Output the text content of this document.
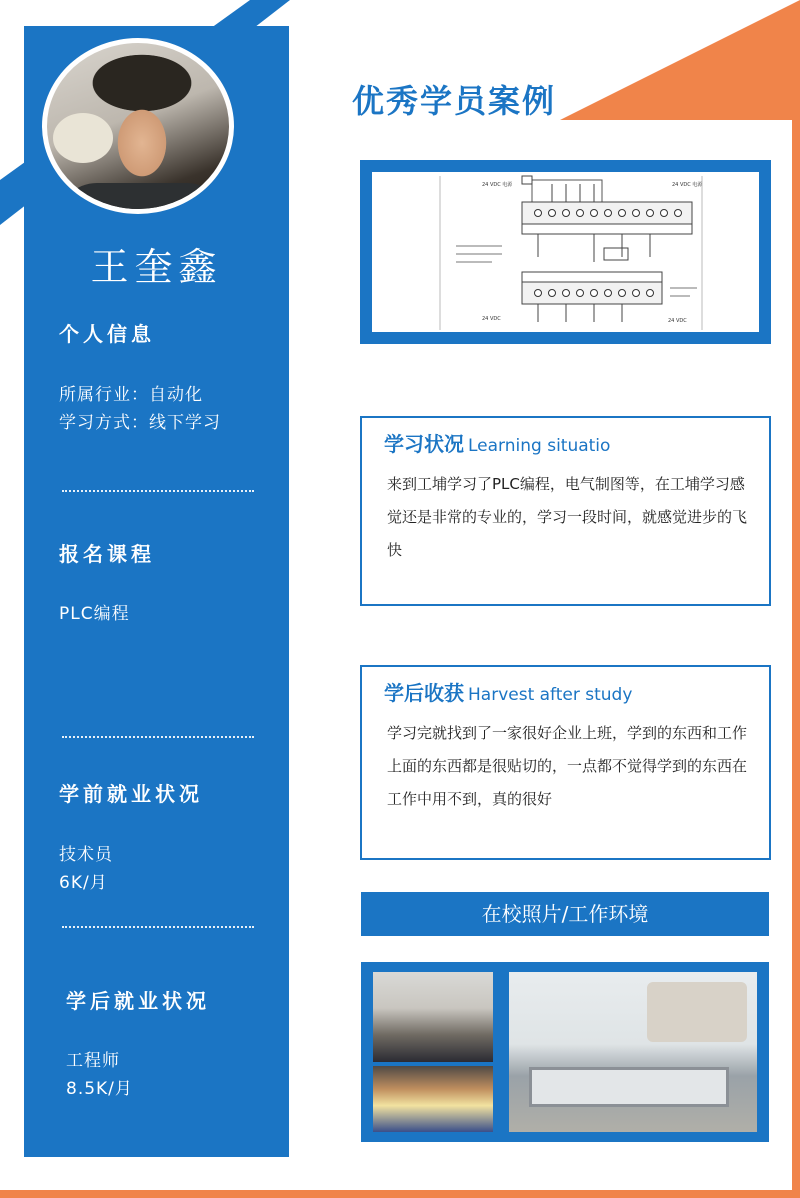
王奎鑫
个人信息
所属行业：自动化
学习方式：线下学习
报名课程
PLC编程
学前就业状况
技术员
6K/月
学后就业状况
工程师
8.5K/月
优秀学员案例
24 VDC 电源	24 VDC 电源
24 VDC	24 VDC
学习状况 Learning situatio
来到工埔学习了PLC编程，电气制图等，在工埔学习感觉还是非常的专业的，学习一段时间，就感觉进步的飞快
学后收获 Harvest after study
学习完就找到了一家很好企业上班，学到的东西和工作上面的东西都是很贴切的，一点都不觉得学到的东西在工作中用不到，真的很好
在校照片/工作环境
